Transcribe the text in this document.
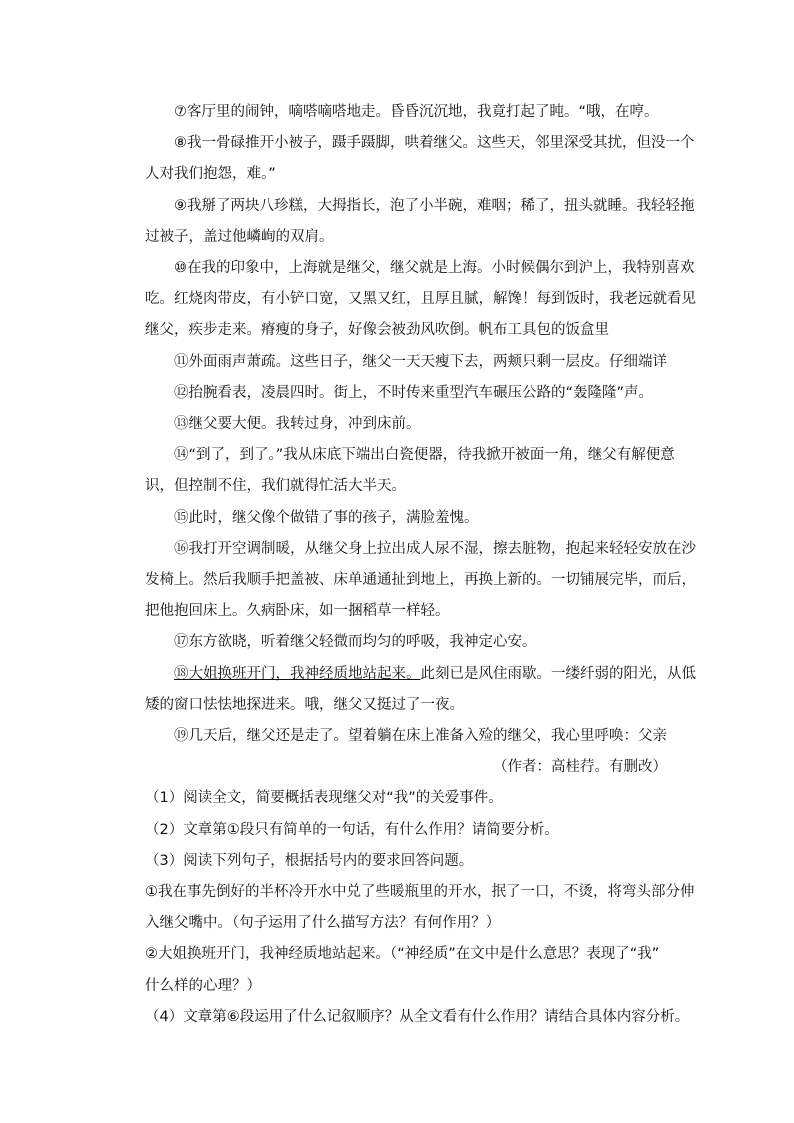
⑦客厅里的闹钟，嘀嗒嘀嗒地走。昏昏沉沉地，我竟打起了盹。“哦，在哼。

⑧我一骨碌推开小被子，蹑手蹑脚，哄着继父。这些天，邻里深受其扰，但没一个
人对我们抱怨，难。”

⑨我掰了两块八珍糕，大拇指长，泡了小半碗，难咽；稀了，扭头就睡。我轻轻拖
过被子，盖过他嶙峋的双肩。

⑩在我的印象中，上海就是继父，继父就是上海。小时候偶尔到沪上，我特别喜欢
吃。红烧肉带皮，有小铲口宽，又黑又红，且厚且腻，解馋！每到饭时，我老远就看见
继父，疾步走来。瘠瘦的身子，好像会被劲风吹倒。帆布工具包的饭盒里

⑪外面雨声萧疏。这些日子，继父一天天瘦下去，两颊只剩一层皮。仔细端详

⑫抬腕看表，凌晨四时。街上，不时传来重型汽车碾压公路的“轰隆隆”声。

⑬继父要大便。我转过身，冲到床前。

⑭“到了，到了。”我从床底下端出白瓷便器，待我掀开被面一角，继父有解便意
识，但控制不住，我们就得忙活大半天。

⑮此时，继父像个做错了事的孩子，满脸羞愧。

⑯我打开空调制暖，从继父身上拉出成人尿不湿，擦去脏物，抱起来轻轻安放在沙
发椅上。然后我顺手把盖被、床单通通扯到地上，再换上新的。一切铺展完毕，而后，
把他抱回床上。久病卧床，如一捆稻草一样轻。

⑰东方欲晓，听着继父轻微而均匀的呼吸，我神定心安。

⑱大姐换班开门，我神经质地站起来。此刻已是风住雨歇。一缕纤弱的阳光，从低
矮的窗口怯怯地探进来。哦，继父又挺过了一夜。

⑲几天后，继父还是走了。望着躺在床上准备入殓的继父，我心里呼唤：父亲

（作者：高桂荇。有删改）

（1）阅读全文，简要概括表现继父对“我”的关爱事件。

（2）文章第①段只有简单的一句话，有什么作用？请简要分析。

（3）阅读下列句子，根据括号内的要求回答问题。

①我在事先倒好的半杯冷开水中兑了些暖瓶里的开水，抿了一口，不烫，将弯头部分伸
入继父嘴中。（句子运用了什么描写方法？有何作用？）

②大姐换班开门，我神经质地站起来。（“神经质”在文中是什么意思？表现了“我”
什么样的心理？）

（4）文章第⑥段运用了什么记叙顺序？从全文看有什么作用？请结合具体内容分析。
